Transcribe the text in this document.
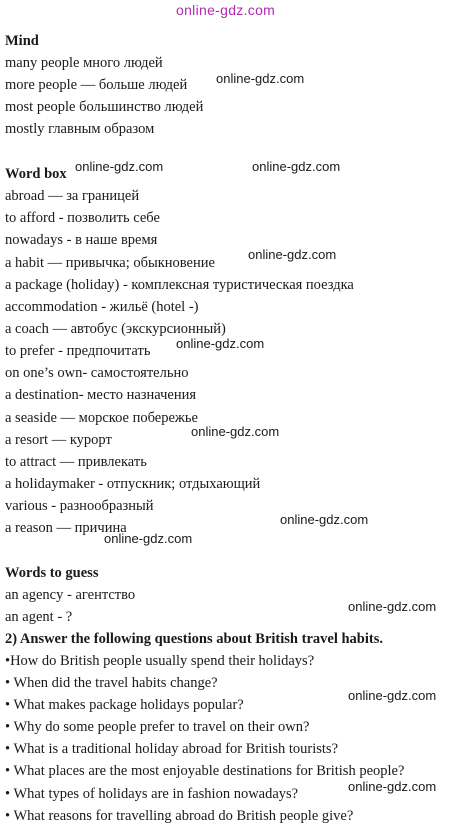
online-gdz.com
Mind
many people много людей
more people — больше людей
most people большинство людей
mostly главным образом
Word box
abroad — за границей
to afford - позволить себе
nowadays - в наше время
a habit — привычка; обыкновение
a package (holiday) - комплексная туристическая поездка
accommodation - жильё (hotel -)
a coach — автобус (экскурсионный)
to prefer - предпочитать
on one’s own- самостоятельно
a destination- место назначения
a seaside — морское побережье
a resort — курорт
to attract — привлекать
a holidaymaker - отпускник; отдыхающий
various - разнообразный
a reason — причина
Words to guess
an agency - агентство
an agent - ?
2) Answer the following questions about British travel habits.
•How do British people usually spend their holidays?
• When did the travel habits change?
• What makes package holidays popular?
• Why do some people prefer to travel on their own?
• What is a traditional holiday abroad for British tourists?
• What places are the most enjoyable destinations for British people?
• What types of holidays are in fashion nowadays?
• What reasons for travelling abroad do British people give?
online-gdz.com
online-gdz.com	online-gdz.com
online-gdz.com
online-gdz.com
online-gdz.com
online-gdz.com
online-gdz.com
online-gdz.com
online-gdz.com
online-gdz.com
